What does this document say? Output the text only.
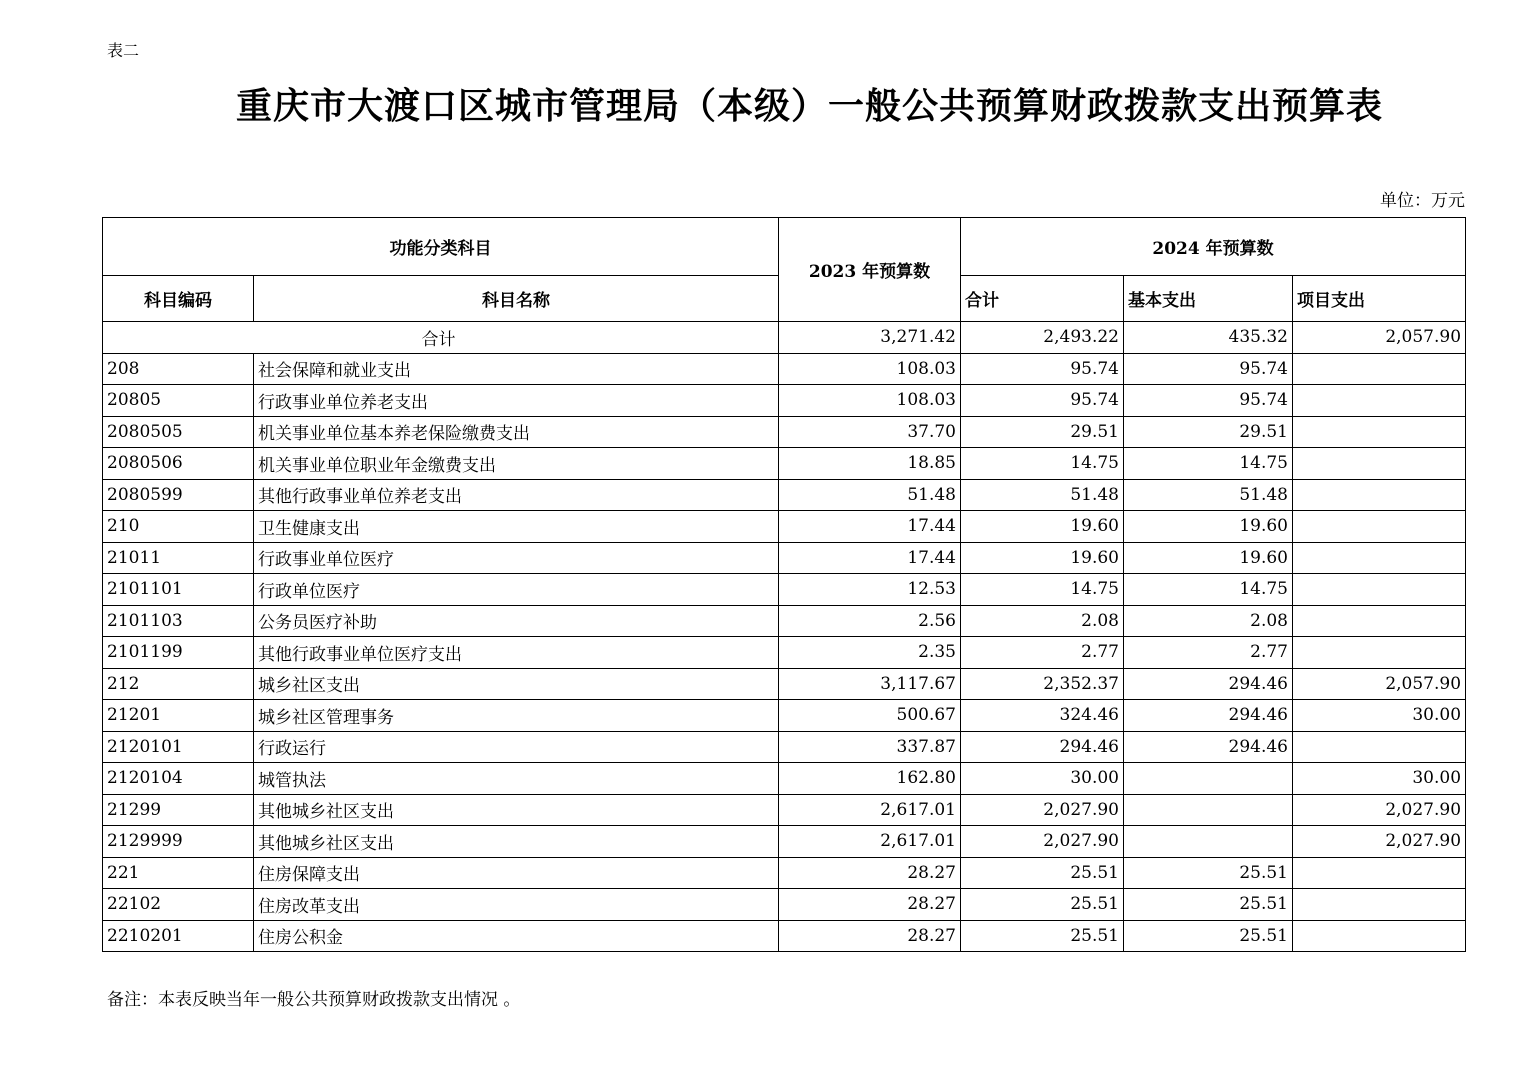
表二
重庆市大渡口区城市管理局（本级）一般公共预算财政拨款支出预算表
单位：万元
功能分类科目		2023 年预算数	2024 年预算数		
科目编码	科目名称		合计	基本支出	项目支出
合计		3,271.42	2,493.22	435.32	2,057.90
208	社会保障和就业支出	108.03	95.74	95.74	
20805	行政事业单位养老支出	108.03	95.74	95.74	
2080505	机关事业单位基本养老保险缴费支出	37.70	29.51	29.51	
2080506	机关事业单位职业年金缴费支出	18.85	14.75	14.75	
2080599	其他行政事业单位养老支出	51.48	51.48	51.48	
210	卫生健康支出	17.44	19.60	19.60	
21011	行政事业单位医疗	17.44	19.60	19.60	
2101101	行政单位医疗	12.53	14.75	14.75	
2101103	公务员医疗补助	2.56	2.08	2.08	
2101199	其他行政事业单位医疗支出	2.35	2.77	2.77	
212	城乡社区支出	3,117.67	2,352.37	294.46	2,057.90
21201	城乡社区管理事务	500.67	324.46	294.46	30.00
2120101	行政运行	337.87	294.46	294.46	
2120104	城管执法	162.80	30.00		30.00
21299	其他城乡社区支出	2,617.01	2,027.90		2,027.90
2129999	其他城乡社区支出	2,617.01	2,027.90		2,027.90
221	住房保障支出	28.27	25.51	25.51	
22102	住房改革支出	28.27	25.51	25.51	
2210201	住房公积金	28.27	25.51	25.51	
备注：本表反映当年一般公共预算财政拨款支出情况 。
